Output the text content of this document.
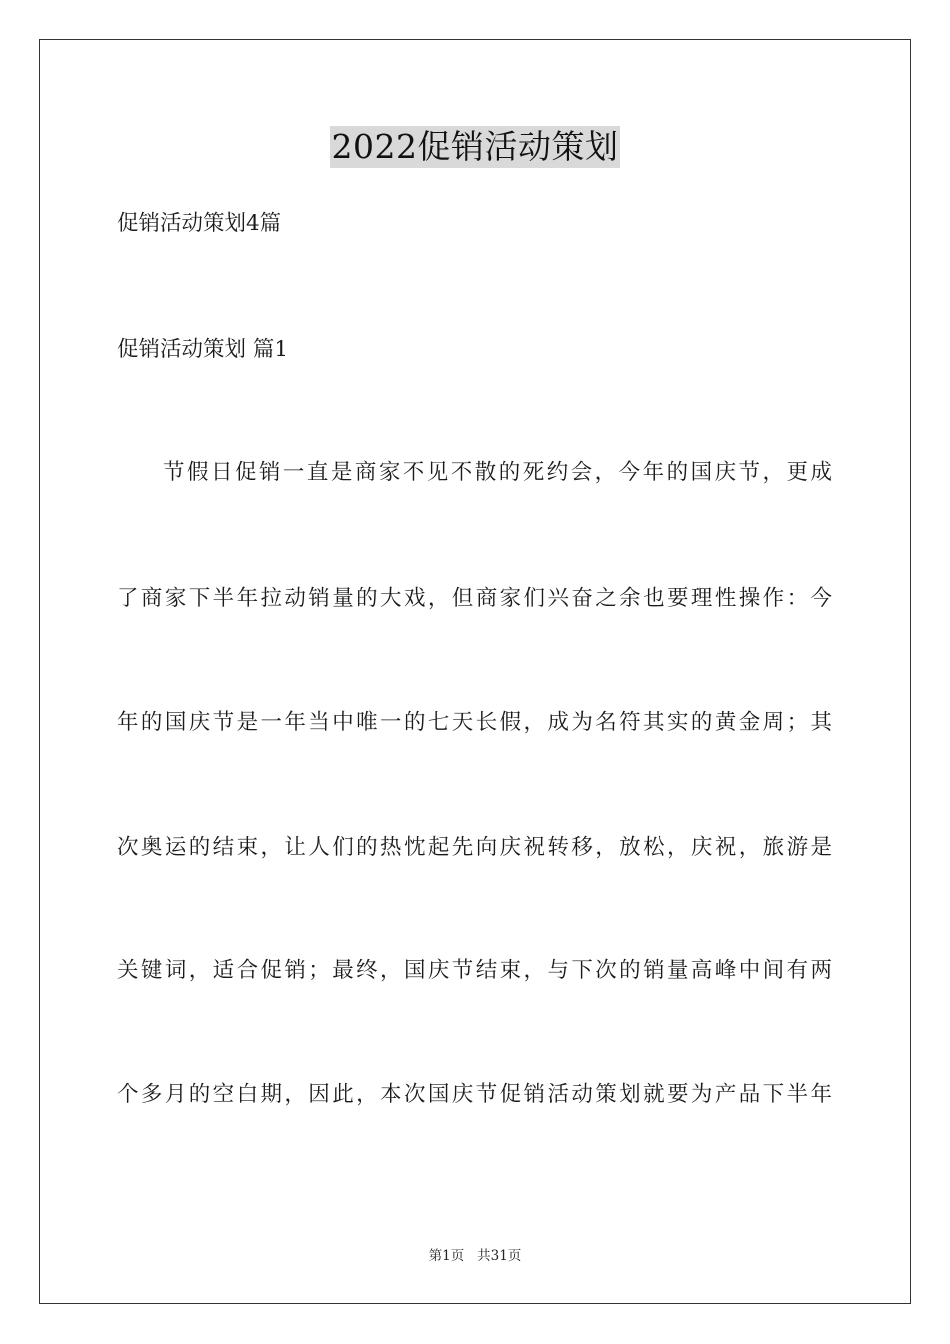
2022促销活动策划
促销活动策划4篇
促销活动策划 篇1
节假日促销一直是商家不见不散的死约会，今年的国庆节，更成
了商家下半年拉动销量的大戏，但商家们兴奋之余也要理性操作：今
年的国庆节是一年当中唯一的七天长假，成为名符其实的黄金周；其
次奥运的结束，让人们的热忱起先向庆祝转移，放松，庆祝，旅游是
关键词，适合促销；最终，国庆节结束，与下次的销量高峰中间有两
个多月的空白期，因此，本次国庆节促销活动策划就要为产品下半年
第1页   共31页
